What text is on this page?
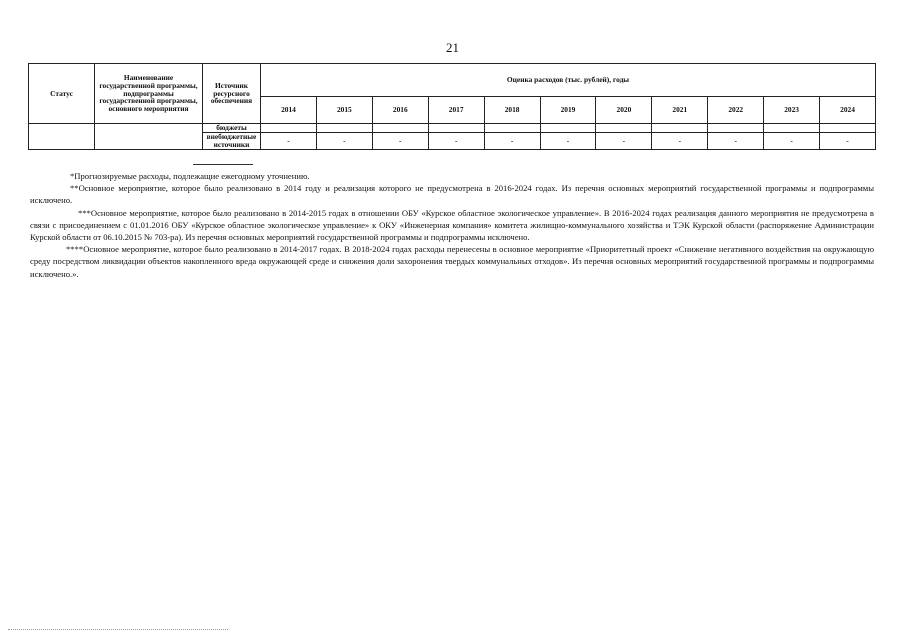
21
Статус	Наименование государственной программы, подпрограммы государственной программы, основного мероприятия	Источник ресурсного обеспечения	Оценка расходов (тыс. рублей), годы										
			2014	2015	2016	2017	2018	2019	2020	2021	2022	2023	2024
		бюджеты											
		внебюджетные источники	-	-	-	-	-	-	-	-	-	-	-

*Прогнозируемые расходы, подлежащие ежегодному уточнению.

**Основное мероприятие, которое было реализовано в 2014 году и реализация которого не предусмотрена в 2016-2024 годах. Из перечня основных мероприятий государственной программы и подпрограммы исключено.

***Основное мероприятие, которое было реализовано в 2014-2015 годах в отношении ОБУ «Курское областное экологическое управление». В 2016-2024 годах реализация данного мероприятия не предусмотрена в связи с присоединением с 01.01.2016 ОБУ «Курское областное экологическое управление» к ОКУ «Инженерная компания» комитета жилищно-коммунального хозяйства и ТЭК Курской области (распоряжение Администрации Курской области от 06.10.2015 № 703-ра). Из перечня основных мероприятий государственной программы и подпрограммы исключено.

****Основное мероприятие, которое было реализовано в 2014-2017 годах. В 2018-2024 годах расходы перенесены в основное мероприятие «Приоритетный проект «Снижение негативного воздействия на окружающую среду посредством ликвидации объектов накопленного вреда окружающей среде и снижения доли захоронения твердых коммунальных отходов». Из перечня основных мероприятий государственной программы и подпрограммы исключено.».
